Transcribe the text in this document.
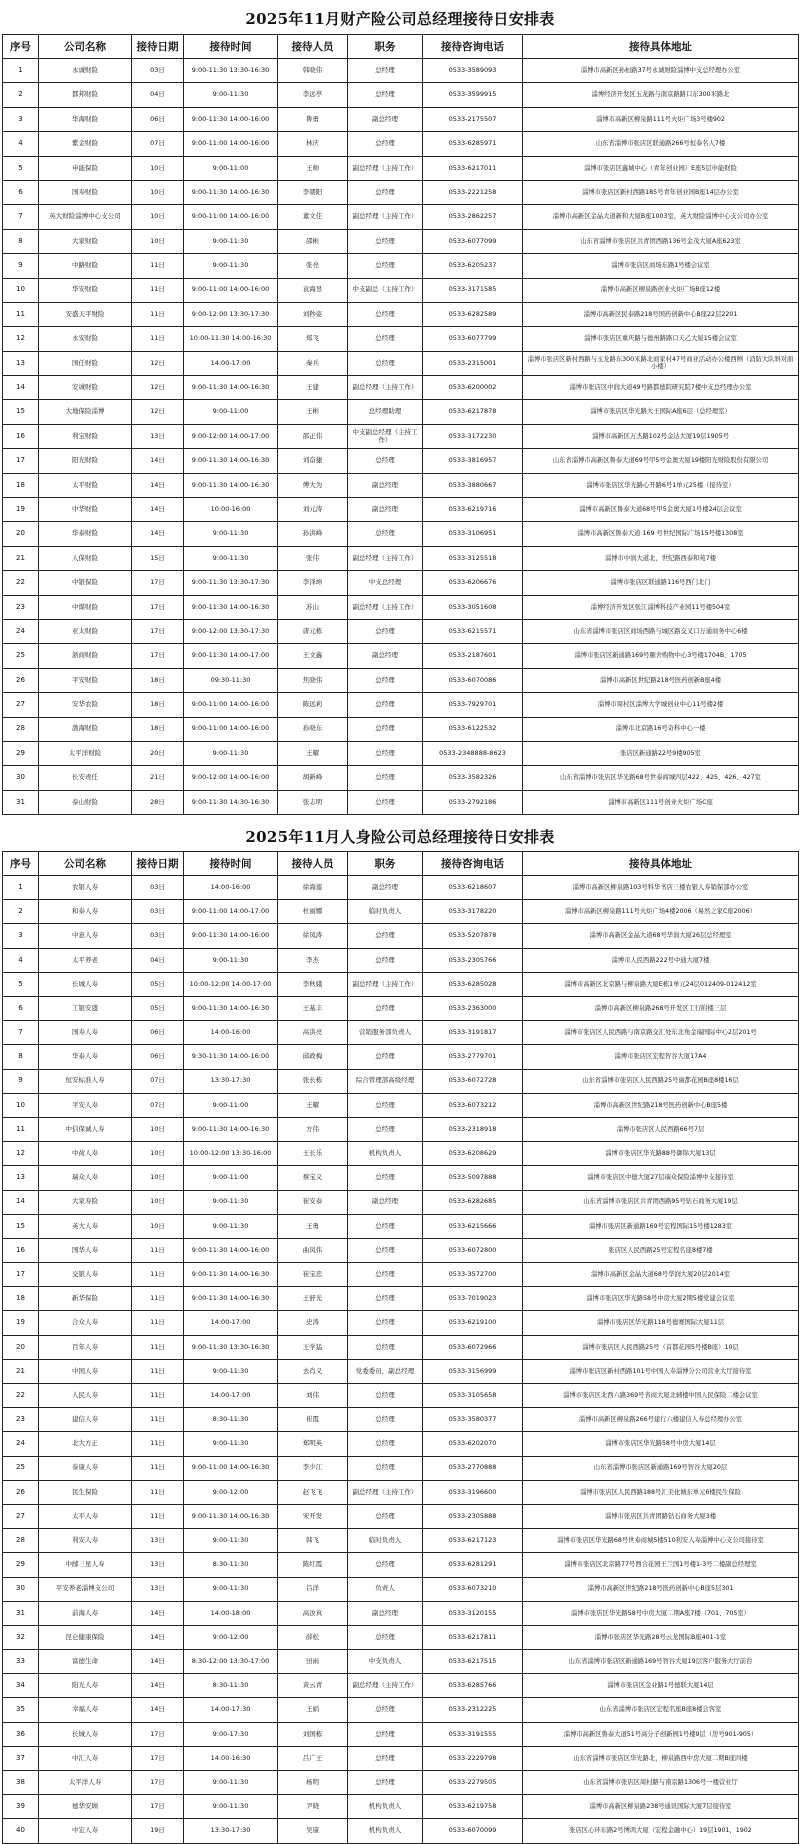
2025年11月财产险公司总经理接待日安排表
序号	公司名称	接待日期	接待时间	接待人员	职务	接待咨询电话	接待具体地址
1	永诚财险	03日	9:00-11:30 13:30-16:30	韩晓伟	总经理	0533-3589093	淄博市高新区孙桓路37号永诚财险淄博中支总经理办公室
2	都邦财险	04日	9:00-11:30	李远亭	总经理	0533-3599915	淄博经济开发区玉龙路与南京路路口东300米路北
3	华海财险	06日	9:00-11:30 14:00-16:00	鲁勇	副总经理	0533-2175507	淄博市高新区柳泉路111号火炬广场3号楼902
4	紫金财险	07日	9:00-11:00 14:00-16:00	林庆	总经理	0533-6285971	山东省淄博市张店区联通路266号恒泰名人7楼
5	申能保险	10日	9:00-11:00	王帅	副总经理（主持工作）	0533-6217011	淄博市张店区鑫城中心（青年创业园）E座5层申能财险
6	国寿财险	10日	9:00-11:30 14:00-16:30	李朝阳	总经理	0533-2221258	淄博市张店区新村西路185号青年创业园B座14层办公室
7	英大财险淄博中心支公司	10日	9:00-11:00 14:00-16:00	董文佳	副总经理（主持工作）	0533-2862257	淄博市高新区金晶大道新和大厦B座1003室，英大财险淄博中心支公司办公室
8	大家财险	10日	9:00-11:30	邵彬	总经理	0533-6077099	山东省淄博市张店区共青团西路136号金茂大厦A座623室
9	中路财险	11日	9:00-11:30	张亮	总经理	0533-6205237	淄博市张店区商场东路1号楼会议室
10	华安财险	11日	9:00-11:00 14:00-16:00	袁海昱	中支副总（主持工作）	0533-3171585	淄博市高新区柳泉路创业火炬广场B座12楼
11	安盛天平财险	11日	9:00-12:00 13:30-17:30	刘秒姿	总经理	0533-6282589	淄博市高新区民泰路218号国药创新中心B座22层2201
12	永安财险	11日	10:00-11:30 14:00-16:30	郑飞	总经理	0533-6077799	淄博市张店区重庆路与德州路路口天乙大厦15楼会议室
13	国任财险	12日	14:00-17:00	秦兵	总经理	0533-2315001	淄博市张店区新村西路与玉龙路东300米路北商家村47号商业活动办公楼西侧（消防大队斜对面小楼）
14	安诚财险	12日	9:00-11:30 14:00-16:30	王建	副总经理（主持工作）	0533-6200002	淄博市张店区中润大道49号路都德院研究院7楼中支总经理办公室
15	大地保险淄博	12日	9:00-11:00	王彬	总经理助理	0533-6217878	淄博市张店区华光路大王国际A座6层（总经理室）
16	利宝财险	13日	9:00-12:00 14:00-17:00	邵正伟	中支副总经理（主持工作）	0533-3172230	淄博市高新区万杰路102号金达大厦19层1905号
17	阳光财险	14日	9:00-11:30 14:00-16:30	刘奋捷	总经理	0533-3816957	山东省淄博市高新区鲁泰大道69号甲5号金奥大厦19楼阳光财险股份有限公司
18	太平财险	14日	9:00-11:30 14:00-16:30	傅大为	副总经理	0533-3880667	淄博市张店区华光路心开路6号1单元25楼（接待室）
19	中华财险	14日	10:00-16:00	刘元涛	副总经理	0533-6219716	淄博市高新区鲁泰大道68号甲5金奥大厦1号楼24层会议室
20	华泰财险	14日	9:00-11:30	孙洪峰	总经理	0533-3106951	淄博市高新区鲁泰大道 169 号世纪国际广场15号楼1308室
21	人保财险	15日	9:00-11:30	张伟	副总经理（主持工作）	0533-3125518	淄博市中润大道北，世纪路西泰和苑7楼
22	中银保险	17日	9:00-11:30 13:30-17:30	李泽坤	中支总经理	0533-6206676	淄博市张店区联通路116号西门北门
23	中煤财险	17日	9:00-11:30 14:00-16:30	苏山	副总经理（主持工作）	0533-3051608	淄博经济开发区张江淄博科技产业园11号楼504室
24	亚太财险	17日	9:00-12:00 13:30-17:30	唐元栋	总经理	0533-6215571	山东省淄博市张店区商场西路与城区路交叉口万通商务中心6楼
25	浙商财险	17日	9:00-11:30 14:00-17:00	王文鑫	副总经理	0533-2187601	淄博市张店区新通路169号颐舍购物中心3号楼1704B、1705
26	平安财险	18日	09:30-11:30	焦晓伟	总经理	0533-6070086	淄博市高新区世纪路218号医药创新B座4楼
27	安华农险	18日	9:00-11:00 14:00-16:00	陈远莉	总经理	0533-7929701	淄博市周村区淄博大学城创业中心11号楼2楼
28	渤海财险	18日	9:00-11:00 14:00-16:00	孙晓东	总经理	0533-6122532	淄博市北京路16号奇科中心一楼
29	太平洋财险	20日	9:00-11:30	王耀	总经理	0533-2348888-8623	张店区新通路22号9楼905室
30	长安责任	21日	9:00-12:00 14:00-16:00	胡新峰	总经理	0533-3582326	山东省淄博市张店区华光路68号世泰商城四层422、425、426、427室
31	泰山财险	28日	9:00-11:30 14:30-16:30	张志明	总经理	0533-2792186	淄博市高新区111号创业火炬广场C座
2025年11月人身险公司总经理接待日安排表
序号	公司名称	接待日期	接待时间	接待人员	职务	接待咨询电话	接待具体地址
1	农银人寿	03日	14:00-16:00	徐海莲	副总经理	0533-6218607	淄博市高新区柳泉路103号科华书店三楼农银人寿销保部办公室
2	和泰人寿	03日	9:00-11:00 14:00-17:00	杜丽娜	临时负责人	0533-3178220	淄博市高新区柳泉路111号火炬广场4楼2006（易然之家C座2006）
3	中意人寿	03日	9:00-11:30 14:00-16:00	徐凤涛	总经理	0533-5207878	淄博市高新区金晶大道68号华润大厦26层总经理室
4	太平养老	04日	9:00-11:30	李杰	总经理	0533-2305766	淄博市人民西路222号中通大厦7楼
5	长城人寿	05日	10:00-12:00 14:00-17:00	李秋娥	副总经理（主持工作）	0533-6285028	淄博市高新区北京路与柳泉路大厦E栋1单元24层012409-012412室
6	工银安盛	05日	9:00-11:30 14:00-16:30	王基丰	总经理	0533-2363000	淄博市高新区柳泉路268号开发区工行附楼三层
7	国寿人寿	06日	14:00-16:00	高洪亮	营销服务部负责人	0533-3191817	淄博市张店区人民西路与南京路交汇处东北角金瑞国际中心2层201号
8	华泰人寿	06日	9:30-11:30 14:00-16:00	邱政梅	总经理	0533-2779701	淄博市张店区宏程智谷大厦17A4
9	恒安标准人寿	07日	13:30-17:30	张长栋	综合管理部高级经理	0533-6072728	山东省淄博市张店区人民西路25号丽都花园B座8楼16层
10	平安人寿	07日	9:00-11:00	王耀	总经理	0533-6073212	淄博市高新区世纪路218号医药创新中心B座5楼
11	中信保诚人寿	10日	9:00-11:30 14:00-16:30	方伟	总经理	0533-2318918	淄博市张店区人民西路66号7层
12	中荷人寿	10日	10:00-12:00 13:30-16:00	王长乐	机构负责人	0533-6208629	淄博市张店区华光路88号御锦大厦13层
13	瑞众人寿	10日	9:00-11:00	蔡宝义	总经理	0533-5097888	淄博市张店区中德大厦27层瑞众保险淄博中支接待室
14	大家寿险	10日	9:00-11:30	崔安泰	副总经理	0533-6282685	山东省淄博市张店区共青团西路95号钻石商务大厦19层
15	英大人寿	10日	9:00-11:30	王勇	总经理	0533-6215666	淄博市张店区新通路169号宏程国际15号楼1283室
16	国华人寿	11日	9:00-11:30 14:00-16:00	曲凤伟	总经理	0533-6072800	张店区人民西路25号宏程名座8楼7楼
17	交银人寿	11日	9:00-11:30 14:00-16:30	崔宝忠	总经理	0533-3572700	淄博市高新区金晶大道68号华润大厦20层2014室
18	新华保险	11日	9:00-11:30 14:00-16:30	王舒光	总经理	0533-7019023	淄博市张店区华光路58号中房大厦2期5楼党建会议室
19	合众人寿	11日	14:00-17:00	史涛	总经理	0533-6219100	淄博市张店区华光路118号德赛国际大厦11层
20	百年人寿	11日	9:00-11:30 13:30-16:30	王学猛	总经理	0533-6072966	淄博市张店区人民西路25号（首都花园5号楼B座）10层
21	中国人寿	11日	9:00-11:30	去肖义	党委委员，副总经理	0533-3156999	淄博市张店区新村西路101号中国人寿淄博分公司营业大厅接待室
22	人民人寿	11日	14:00-17:00	刘伟	总经理	0533-3105658	淄博市张店区北西六路369号省商大厦北辅楼中国人民保险二楼会议室
23	建信人寿	11日	8:30-11:30	崔霞	总经理	0533-3580377	淄博市高新区柳泉路266号建行六楼建信人寿总经理办公室
24	北大方正	11日	9:00-11:30	郑明英	总经理	0533-6202070	淄博市张店区华光路58号中房大厦14层
25	泰康人寿	11日	9:00-11:00 14:00-16:30	李少江	总经理	0533-2770888	山东省淄博市张店区新通路169号智谷大厦20层
26	民生保险	11日	9:00-12:00	赵飞飞	副总经理（主持工作）	0533-3196600	淄博市张店区人民西路188号汇美化城东单元6楼民生保险
27	太平人寿	11日	9:00-11:30 14:00-16:30	宋开发	总经理	0533-2305888	淄博市张店区共青团路钻石商务大厦3楼
28	利安人寿	13日	9:00-11:30	韩飞	临时负责人	0533-6217123	淄博市张店区华光路68号世泰商城5楼510利安人寿淄博中心支公司接待室
29	中邮三星人寿	13日	8:30-11:30	陈红霞	总经理	0533-6281291	淄博市张店区北京路77号西合花园王兰国1号楼1-3号二楼副总经理室
30	平安养老淄博支公司	13日	9:00-11:30	吕洋	负责人	0533-6073210	淄博市高新区世纪路218号医药创新中心B座5层301
31	前海人寿	14日	14:00-18:00	高汝真	副总经理	0533-3120155	淄博市张店区华光路58号中房大厦二期A座7楼（701、705室）
32	昆仑健康保险	14日	9:00-12:00	薛松	总经理	0533-6217811	淄博市张店区华光路28号云龙国际B座401-1室
33	富德生命	14日	8:30-12:00 13:30-17:00	田雨	中支负责人	0533-6217515	山东省淄博市张店区新通路169号智谷大厦19层客户服务大厅前台
34	阳光人寿	14日	8:30-11:30	黄云青	副总经理（主持工作）	0533-6285766	淄博市张店区金业路1号德联大厦14层
35	幸福人寿	14日	14:00-17:30	王娟	总经理	0533-2312225	山东省淄博市张店区宏程名座B座8楼会客室
36	长城人寿	17日	9:00-17:30	刘国栋	总经理	0533-3191555	淄博市高新区鲁泰大道51号高分子创新园1号楼9层（房号901-905）
37	中汇人寿	17日	14:00-16:30	吕广王	总经理	0533-2229798	山东省淄博市张店区华光路北，柳泉路西中房大厦二期B座四楼
38	太平洋人寿	17日	9:00-11:30	杨明	总经理	0533-2279505	山东省淄博市张店区周村路与南京路1306号一楼营业厅
39	德华安顾	17日	9:00-11:30	尹晓	机构负责人	0533-6219758	淄博市高新区柳泉路238号通讯国际大厦7层接待室
40	中宏人寿	19日	13:30-17:30	吴康	机构负责人	0533-6070099	张店区心环东路2号博鸿大厦（宏程金融中心）19层1901，1902
